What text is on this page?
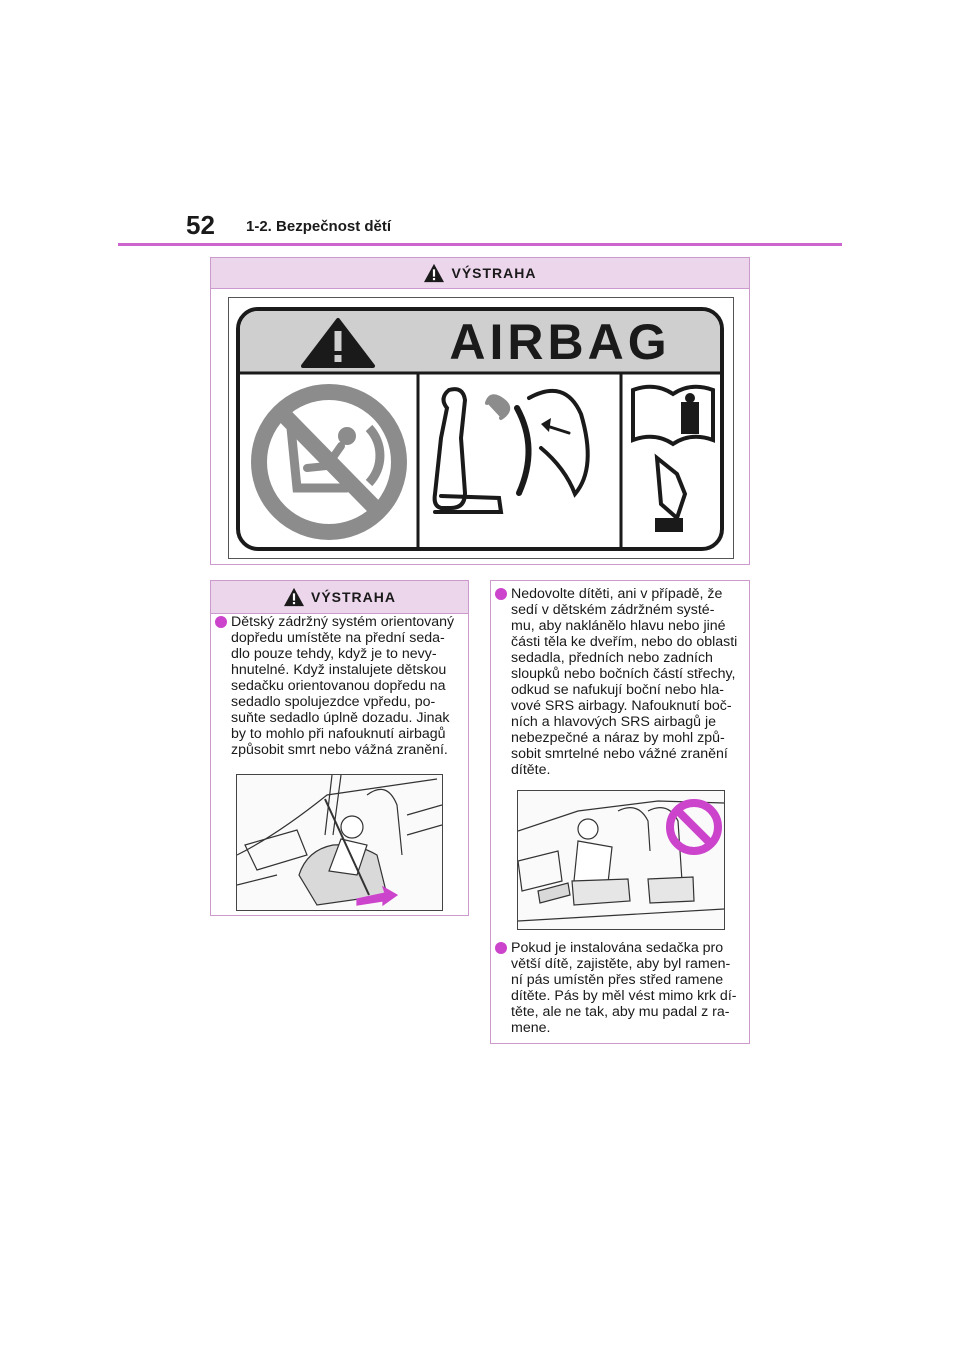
52 1-2. Bezpečnost dětí
VÝSTRAHA
AIRBAG
VÝSTRAHA
Dětský zádržný systém orientovaný
dopředu umístěte na přední seda-
dlo pouze tehdy, když je to nevy-
hnutelné. Když instalujete dětskou
sedačku orientovanou dopředu na
sedadlo spolujezdce vpředu, po-
suňte sedadlo úplně dozadu. Jinak
by to mohlo při nafouknutí airbagů
způsobit smrt nebo vážná zranění.
Nedovolte dítěti, ani v případě, že
sedí v dětském zádržném systé-
mu, aby naklánělo hlavu nebo jiné
části těla ke dveřím, nebo do oblasti
sedadla, předních nebo zadních
sloupků nebo bočních částí střechy,
odkud se nafukují boční nebo hla-
vové SRS airbagy. Nafouknutí boč-
ních a hlavových SRS airbagů je
nebezpečné a náraz by mohl způ-
sobit smrtelné nebo vážné zranění
dítěte.
Pokud je instalována sedačka pro
větší dítě, zajistěte, aby byl ramen-
ní pás umístěn přes střed ramene
dítěte. Pás by měl vést mimo krk dí-
těte, ale ne tak, aby mu padal z ra-
mene.
